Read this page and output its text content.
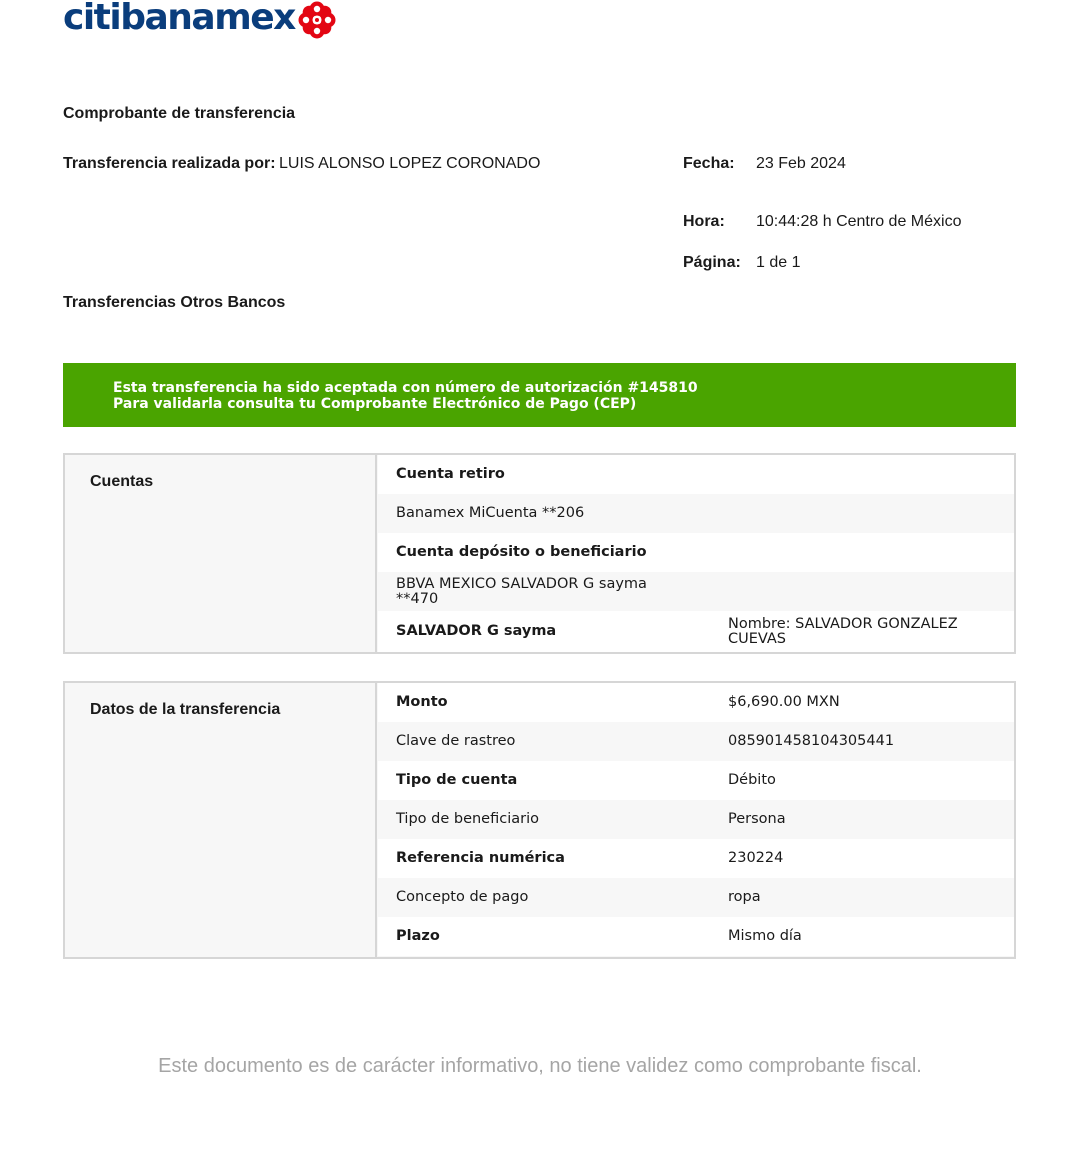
citibanamex
Comprobante de transferencia
Transferencia realizada por: LUIS ALONSO LOPEZ CORONADO	Fecha: 23 Feb 2024
Hora: 10:44:28 h Centro de México
Página: 1 de 1
Transferencias Otros Bancos
Esta transferencia ha sido aceptada con número de autorización #145810
Para validarla consulta tu Comprobante Electrónico de Pago (CEP)
Cuentas	Cuenta retiro
Banamex MiCuenta **206
Cuenta depósito o beneficiario
BBVA MEXICO SALVADOR G sayma **470
SALVADOR G sayma	Nombre: SALVADOR GONZALEZ CUEVAS
Datos de la transferencia	Monto	$6,690.00 MXN
Clave de rastreo	085901458104305441
Tipo de cuenta	Débito
Tipo de beneficiario	Persona
Referencia numérica	230224
Concepto de pago	ropa
Plazo	Mismo día
Este documento es de carácter informativo, no tiene validez como comprobante fiscal.
